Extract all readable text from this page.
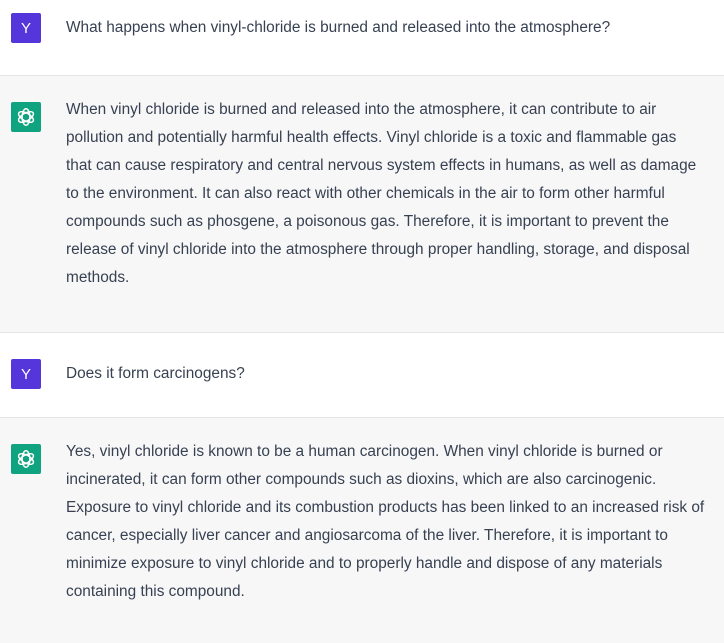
Y What happens when vinyl-chloride is burned and released into the atmosphere?
When vinyl chloride is burned and released into the atmosphere, it can contribute to air pollution and potentially harmful health effects. Vinyl chloride is a toxic and flammable gas that can cause respiratory and central nervous system effects in humans, as well as damage to the environment. It can also react with other chemicals in the air to form other harmful compounds such as phosgene, a poisonous gas. Therefore, it is important to prevent the release of vinyl chloride into the atmosphere through proper handling, storage, and disposal methods.
Y Does it form carcinogens?
Yes, vinyl chloride is known to be a human carcinogen. When vinyl chloride is burned or incinerated, it can form other compounds such as dioxins, which are also carcinogenic. Exposure to vinyl chloride and its combustion products has been linked to an increased risk of cancer, especially liver cancer and angiosarcoma of the liver. Therefore, it is important to minimize exposure to vinyl chloride and to properly handle and dispose of any materials containing this compound.
